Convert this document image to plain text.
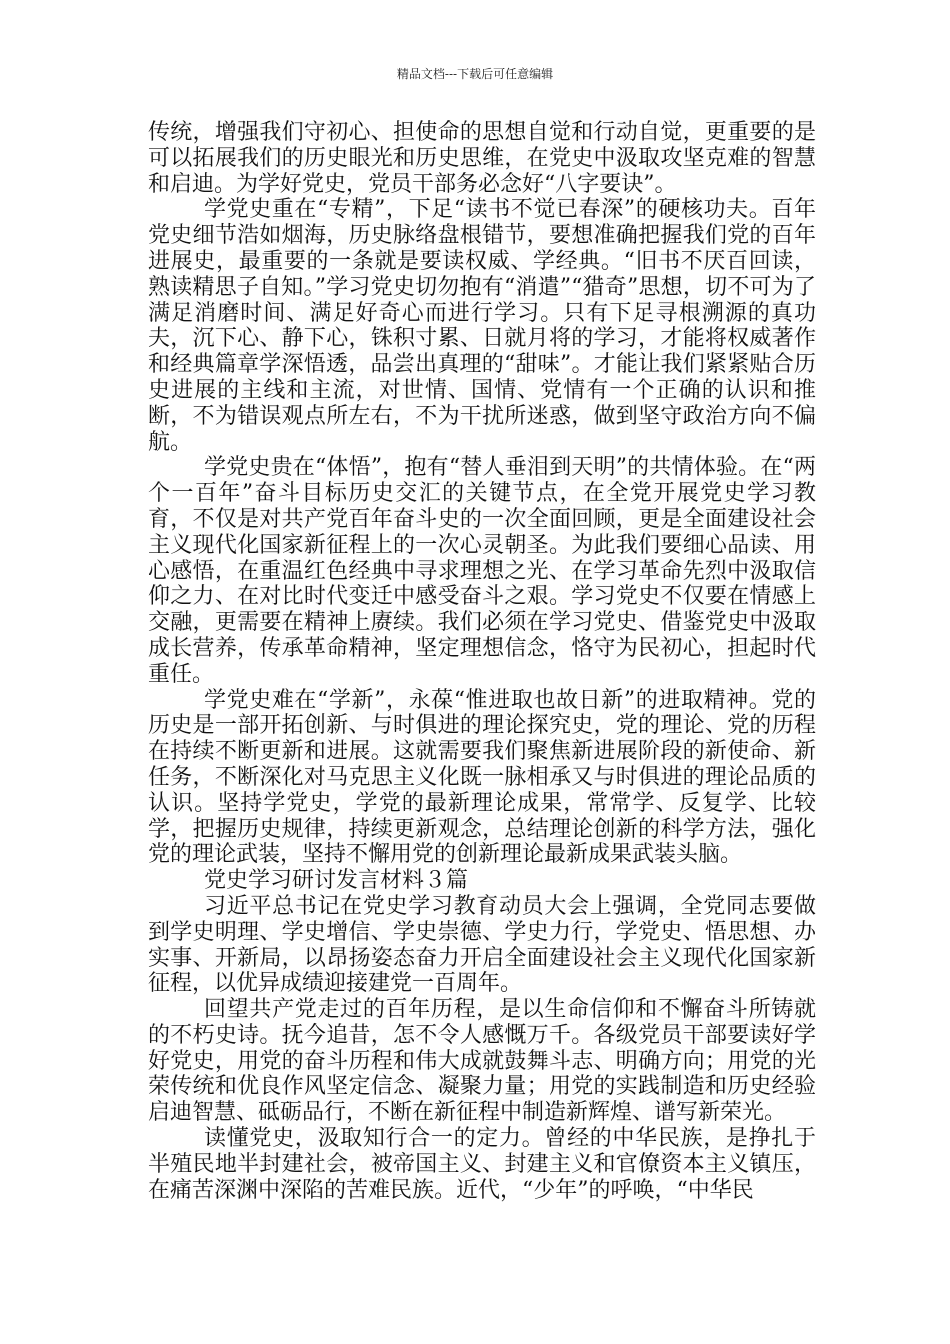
精品文档---下载后可任意编辑

传统，增强我们守初心、担使命的思想自觉和行动自觉，更重要的是可以拓展我们的历史眼光和历史思维，在党史中汲取攻坚克难的智慧和启迪。为学好党史，党员干部务必念好“八字要诀”。

学党史重在“专精”，下足“读书不觉已春深”的硬核功夫。百年党史细节浩如烟海，历史脉络盘根错节，要想准确把握我们党的百年进展史，最重要的一条就是要读权威、学经典。“旧书不厌百回读，熟读精思子自知。”学习党史切勿抱有“消遣”“猎奇”思想，切不可为了满足消磨时间、满足好奇心而进行学习。只有下足寻根溯源的真功夫，沉下心、静下心，铢积寸累、日就月将的学习，才能将权威著作和经典篇章学深悟透，品尝出真理的“甜味”。才能让我们紧紧贴合历史进展的主线和主流，对世情、国情、党情有一个正确的认识和推断，不为错误观点所左右，不为干扰所迷惑，做到坚守政治方向不偏航。

学党史贵在“体悟”，抱有“替人垂泪到天明”的共情体验。在“两个一百年”奋斗目标历史交汇的关键节点，在全党开展党史学习教育，不仅是对共产党百年奋斗史的一次全面回顾，更是全面建设社会主义现代化国家新征程上的一次心灵朝圣。为此我们要细心品读、用心感悟，在重温红色经典中寻求理想之光、在学习革命先烈中汲取信仰之力、在对比时代变迁中感受奋斗之艰。学习党史不仅要在情感上交融，更需要在精神上赓续。我们必须在学习党史、借鉴党史中汲取成长营养，传承革命精神，坚定理想信念，恪守为民初心，担起时代重任。

学党史难在“学新”，永葆“惟进取也故日新”的进取精神。党的历史是一部开拓创新、与时俱进的理论探究史，党的理论、党的历程在持续不断更新和进展。这就需要我们聚焦新进展阶段的新使命、新任务，不断深化对马克思主义化既一脉相承又与时俱进的理论品质的认识。坚持学党史，学党的最新理论成果，常常学、反复学、比较学，把握历史规律，持续更新观念，总结理论创新的科学方法，强化党的理论武装，坚持不懈用党的创新理论最新成果武装头脑。

党史学习研讨发言材料３篇

习近平总书记在党史学习教育动员大会上强调，全党同志要做到学史明理、学史增信、学史崇德、学史力行，学党史、悟思想、办实事、开新局，以昂扬姿态奋力开启全面建设社会主义现代化国家新征程，以优异成绩迎接建党一百周年。

回望共产党走过的百年历程，是以生命信仰和不懈奋斗所铸就的不朽史诗。抚今追昔，怎不令人感慨万千。各级党员干部要读好学好党史，用党的奋斗历程和伟大成就鼓舞斗志、明确方向；用党的光荣传统和优良作风坚定信念、凝聚力量；用党的实践制造和历史经验启迪智慧、砥砺品行，不断在新征程中制造新辉煌、谱写新荣光。

读懂党史，汲取知行合一的定力。曾经的中华民族，是挣扎于半殖民地半封建社会，被帝国主义、封建主义和官僚资本主义镇压，在痛苦深渊中深陷的苦难民族。近代，“少年”的呼唤，“中华民
